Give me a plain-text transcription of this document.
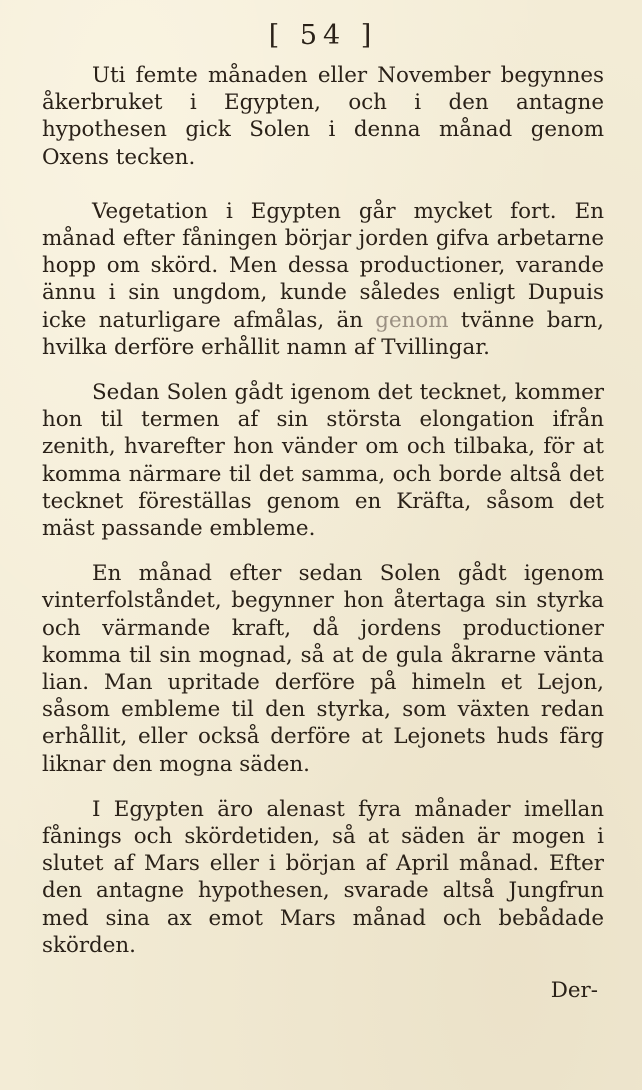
[ 54 ]

Uti femte månaden eller November begynnes åkerbruket i Egypten, och i den antagne hypothesen gick Solen i denna månad genom Oxens tecken.

Vegetation i Egypten går mycket fort. En månad efter fåningen börjar jorden gifva arbetarne hopp om skörd. Men dessa productioner, varande ännu i sin ungdom, kunde således enligt Dupuis icke naturligare afmålas, än genom tvänne barn, hvilka derföre erhållit namn af Tvillingar.

Sedan Solen gådt igenom det tecknet, kommer hon til termen af sin största elongation ifrån zenith, hvarefter hon vänder om och tilbaka, för at komma närmare til det samma, och borde altså det tecknet föreställas genom en Kräfta, såsom det mäst passande embleme.

En månad efter sedan Solen gådt igenom vinterfolståndet, begynner hon återtaga sin styrka och värmande kraft, då jordens productioner komma til sin mognad, så at de gula åkrarne vänta lian. Man upritade derföre på himeln et Lejon, såsom embleme til den styrka, som växten redan erhållit, eller också derföre at Lejonets huds färg liknar den mogna säden.

I Egypten äro alenast fyra månader imellan fånings och skördetiden, så at säden är mogen i slutet af Mars eller i början af April månad. Efter den antagne hypothesen, svarade altså Jungfrun med sina ax emot Mars månad och bebådade skörden.

Der-
